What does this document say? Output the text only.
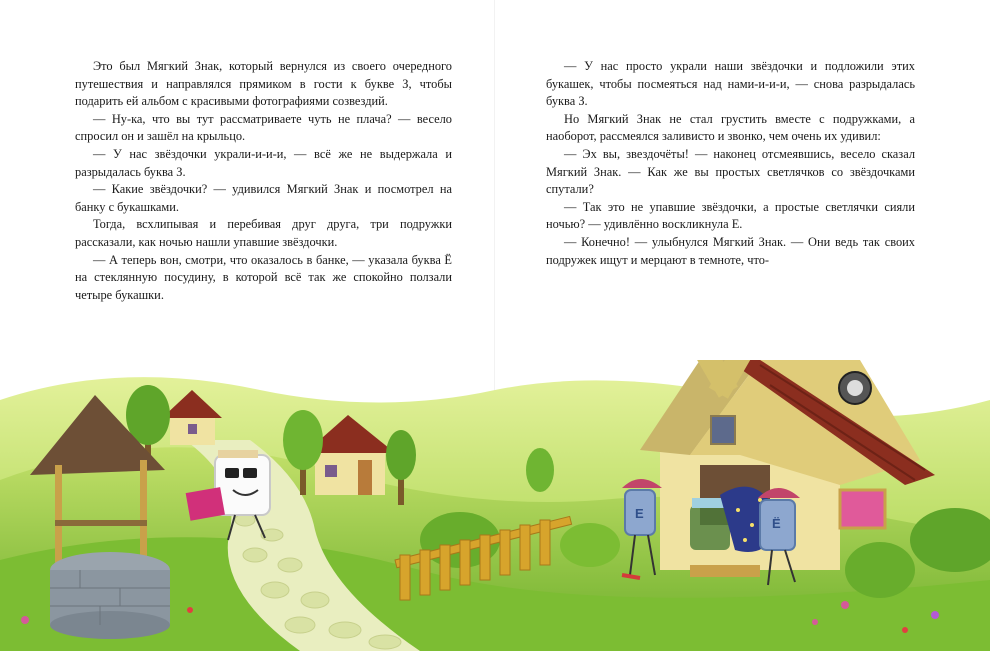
Это был Мягкий Знак, который вернулся из своего очередного путешествия и направлялся прямиком в гости к букве З, чтобы подарить ей альбом с красивыми фотографиями созвездий.

— Ну-ка, что вы тут рассматриваете чуть не плача? — весело спросил он и зашёл на крыльцо.

— У нас звёздочки украли-и-и-и, — всё же не выдержала и разрыдалась буква З.

— Какие звёздочки? — удивился Мягкий Знак и посмотрел на банку с букашками.

Тогда, всхлипывая и перебивая друг друга, три подружки рассказали, как ночью нашли упавшие звёздочки.

— А теперь вон, смотри, что оказалось в банке, — указала буква Ё на стеклянную посудину, в которой всё так же спокойно ползали четыре букашки.

— У нас просто украли наши звёздочки и подложили этих букашек, чтобы посмеяться над нами-и-и-и, — снова разрыдалась буква З.

Но Мягкий Знак не стал грустить вместе с подружками, а наоборот, рассмеялся заливисто и звонко, чем очень их удивил:

— Эх вы, звездочёты! — наконец отсмеявшись, весело сказал Мягкий Знак. — Как же вы простых светлячков со звёздочками спутали?

— Так это не упавшие звёздочки, а простые светлячки сияли ночью? — удивлённо воскликнула Е.

— Конечно! — улыбнулся Мягкий Знак. — Они ведь так своих подружек ищут и мерцают в темноте, что-

Е
Ё
